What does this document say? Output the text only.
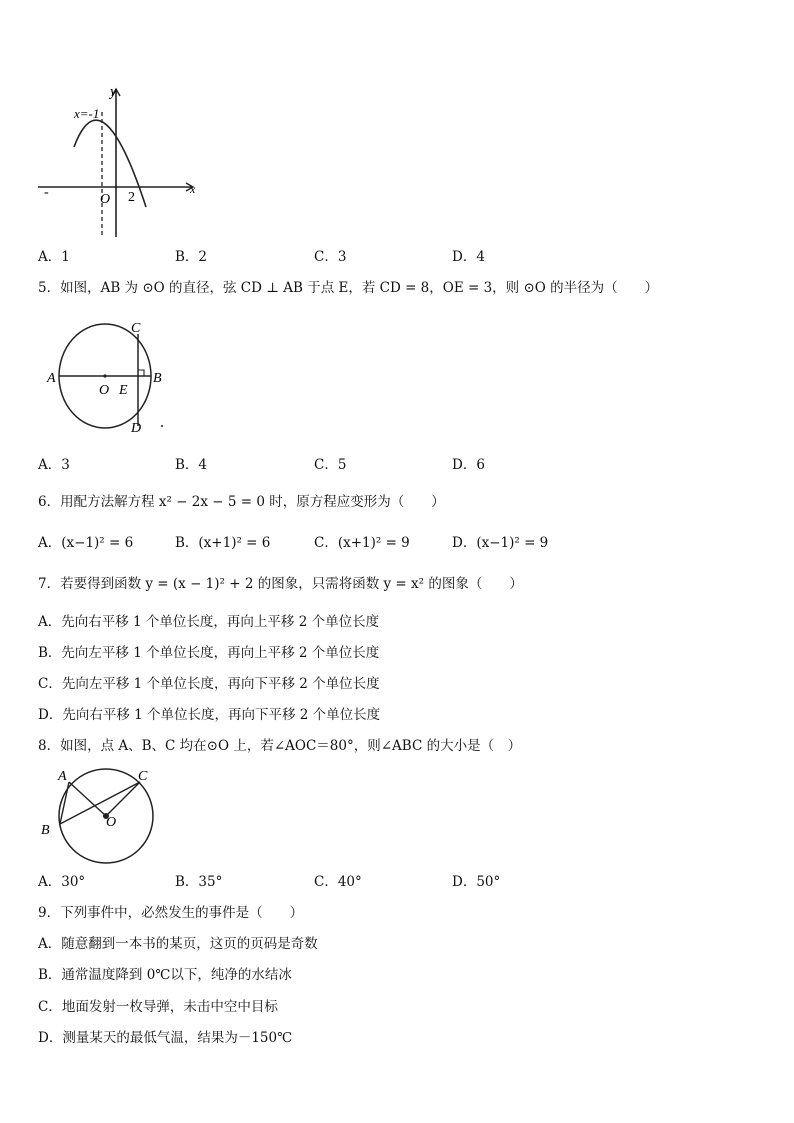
y
x
x=-1
O 2
-
A．1	B．2	C．3	D．4
5．如图，AB 为 ⊙O 的直径，弦 CD ⊥ AB 于点 E，若 CD = 8，OE = 3，则 ⊙O 的半径为（　　）
A	B
C
D
O E
A．3	B．4	C．5	D．6
6．用配方法解方程 x² − 2x − 5 = 0 时，原方程应变形为（　　）
A．(x−1)² = 6	B．(x+1)² = 6	C．(x+1)² = 9	D．(x−1)² = 9
7．若要得到函数 y = (x − 1)² + 2 的图象，只需将函数 y = x² 的图象（　　）
A．先向右平移 1 个单位长度，再向上平移 2 个单位长度
B．先向左平移 1 个单位长度，再向上平移 2 个单位长度
C．先向左平移 1 个单位长度，再向下平移 2 个单位长度
D．先向右平移 1 个单位长度，再向下平移 2 个单位长度
8．如图，点 A、B、C 均在⊙O 上，若∠AOC＝80°，则∠ABC 的大小是（　）
A
B
C
O
A．30°	B．35°	C．40°	D．50°
9．下列事件中，必然发生的事件是（　　）
A．随意翻到一本书的某页，这页的页码是奇数
B．通常温度降到 0℃以下，纯净的水结冰
C．地面发射一枚导弹，未击中空中目标
D．测量某天的最低气温，结果为－150℃
